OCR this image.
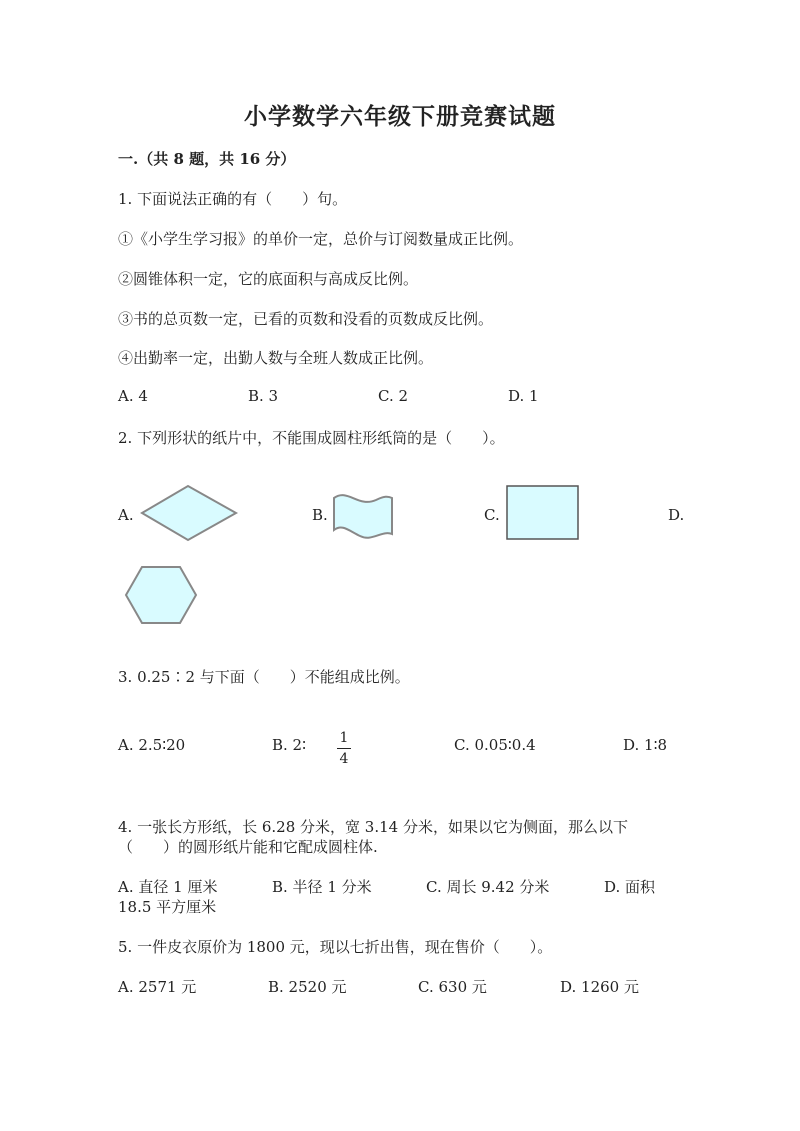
小学数学六年级下册竞赛试题
一.（共 8 题，共 16 分）
1. 下面说法正确的有（　　）句。
①《小学生学习报》的单价一定，总价与订阅数量成正比例。
②圆锥体积一定，它的底面积与高成反比例。
③书的总页数一定，已看的页数和没看的页数成反比例。
④出勤率一定，出勤人数与全班人数成正比例。
A. 4	B. 3	C. 2	D. 1
2. 下列形状的纸片中，不能围成圆柱形纸筒的是（　　）。
A.	B.	C.	D.
3. 0.25∶2 与下面（　　）不能组成比例。
A. 2.5∶20	B. 2∶ 1
4
C. 0.05∶0.4	D. 1∶8
4. 一张长方形纸，长 6.28 分米，宽 3.14 分米，如果以它为侧面，那么以下
（　　）的圆形纸片能和它配成圆柱体.
A. 直径 1 厘米	B. 半径 1 分米	C. 周长 9.42 分米	D. 面积
18.5 平方厘米
5. 一件皮衣原价为 1800 元，现以七折出售，现在售价（　　）。
A. 2571 元	B. 2520 元	C. 630 元	D. 1260 元
